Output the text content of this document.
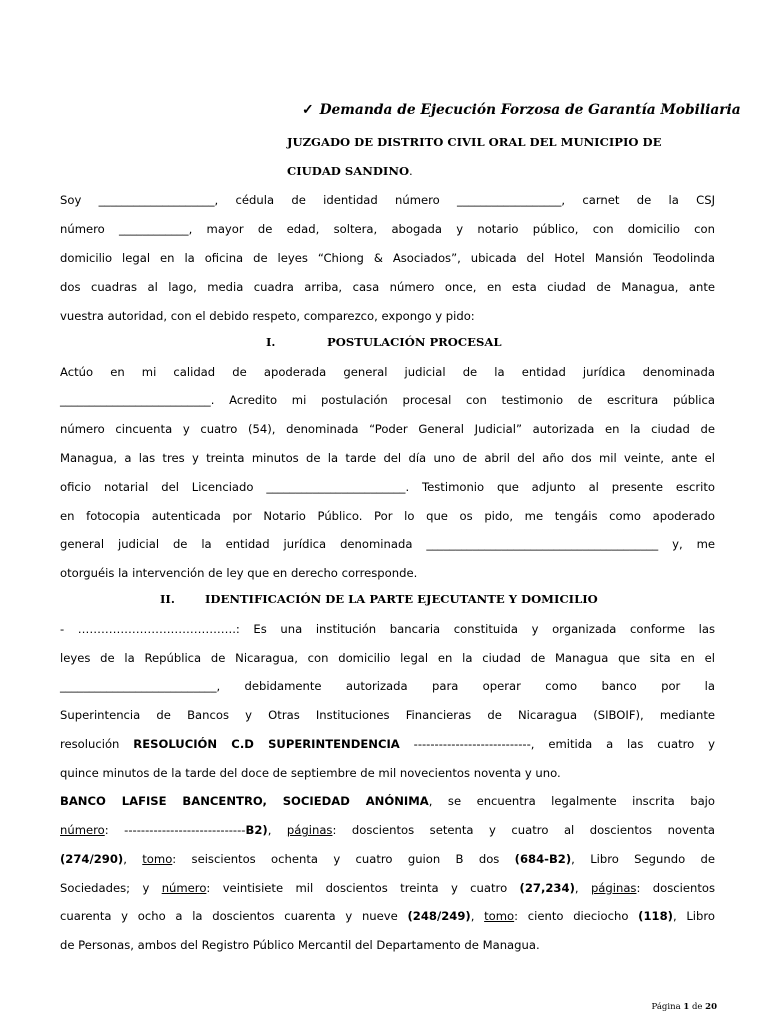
✓ Demanda de Ejecución Forzosa de Garantía Mobiliaria
JUZGADO DE DISTRITO CIVIL ORAL DEL MUNICIPIO DE
CIUDAD SANDINO.
Soy ____________________, cédula de identidad número __________________, carnet de la CSJ
número ____________, mayor de edad, soltera, abogada y notario público, con domicilio con
domicilio legal en la oficina de leyes “Chiong & Asociados”, ubicada del Hotel Mansión Teodolinda
dos cuadras al lago, media cuadra arriba, casa número once, en esta ciudad de Managua, ante
vuestra autoridad, con el debido respeto, comparezco, expongo y pido:
I.	POSTULACIÓN PROCESAL
Actúo en mi calidad de apoderada general judicial de la entidad jurídica denominada
__________________________. Acredito mi postulación procesal con testimonio de escritura pública
número cincuenta y cuatro (54), denominada “Poder General Judicial” autorizada en la ciudad de
Managua, a las tres y treinta minutos de la tarde del día uno de abril del año dos mil veinte, ante el
oficio notarial del Licenciado ________________________. Testimonio que adjunto al presente escrito
en fotocopia autenticada por Notario Público. Por lo que os pido, me tengáis como apoderado
general judicial de la entidad jurídica denominada ________________________________________ y, me
otorguéis la intervención de ley que en derecho corresponde.
II.	IDENTIFICACIÓN DE LA PARTE EJECUTANTE Y DOMICILIO
- …………………………………..: Es una institución bancaria constituida y organizada conforme las
leyes de la República de Nicaragua, con domicilio legal en la ciudad de Managua que sita en el
___________________________, debidamente autorizada para operar como banco por la
Superintencia de Bancos y Otras Instituciones Financieras de Nicaragua (SIBOIF), mediante
resolución RESOLUCIÓN C.D SUPERINTENDENCIA ----------------------------, emitida a las cuatro y
quince minutos de la tarde del doce de septiembre de mil novecientos noventa y uno.
BANCO LAFISE BANCENTRO, SOCIEDAD ANÓNIMA, se encuentra legalmente inscrita bajo
número: -----------------------------B2), páginas: doscientos setenta y cuatro al doscientos noventa
(274/290), tomo: seiscientos ochenta y cuatro guion B dos (684-B2), Libro Segundo de
Sociedades; y número: veintisiete mil doscientos treinta y cuatro (27,234), páginas: doscientos
cuarenta y ocho a la doscientos cuarenta y nueve (248/249), tomo: ciento dieciocho (118), Libro
de Personas, ambos del Registro Público Mercantil del Departamento de Managua.
Página 1 de 20
